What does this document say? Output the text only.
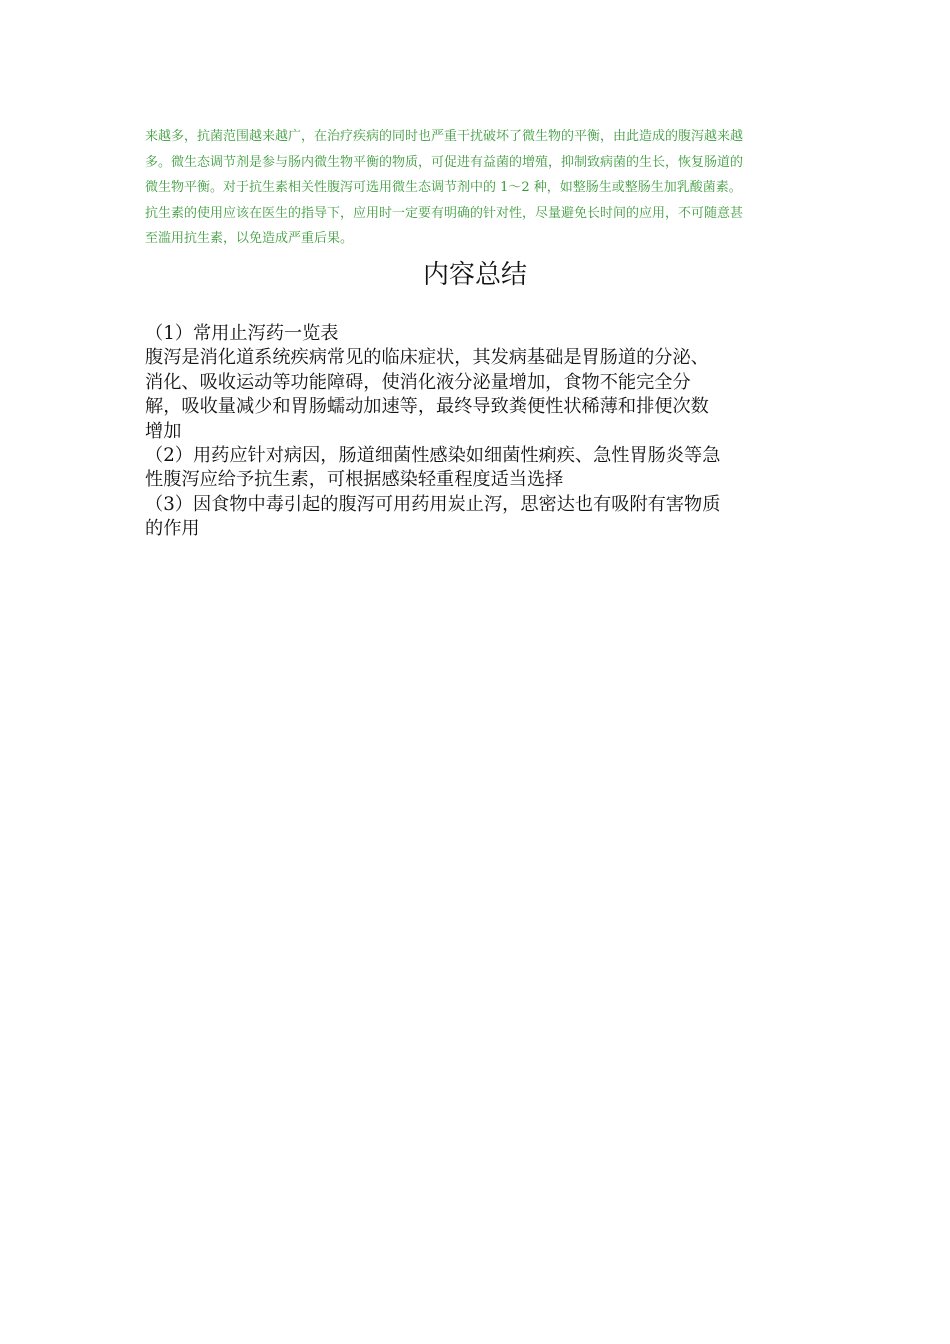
来越多，抗菌范围越来越广，在治疗疾病的同时也严重干扰破坏了微生物的平衡，由此造成的腹泻越来越

多。微生态调节剂是参与肠内微生物平衡的物质，可促进有益菌的增殖，抑制致病菌的生长，恢复肠道的

微生物平衡。对于抗生素相关性腹泻可选用微生态调节剂中的 1～2 种，如整肠生或整肠生加乳酸菌素。

抗生素的使用应该在医生的指导下，应用时一定要有明确的针对性，尽量避免长时间的应用，不可随意甚

至滥用抗生素，以免造成严重后果。

内容总结

（1）常用止泻药一览表

腹泻是消化道系统疾病常见的临床症状，其发病基础是胃肠道的分泌、

消化、吸收运动等功能障碍，使消化液分泌量增加，食物不能完全分

解，吸收量减少和胃肠蠕动加速等，最终导致粪便性状稀薄和排便次数

增加

（2）用药应针对病因，肠道细菌性感染如细菌性痢疾、急性胃肠炎等急

性腹泻应给予抗生素，可根据感染轻重程度适当选择

（3）因食物中毒引起的腹泻可用药用炭止泻，思密达也有吸附有害物质

的作用
